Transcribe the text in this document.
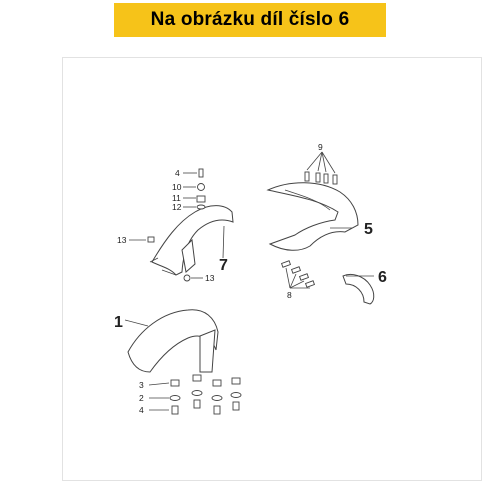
Na obrázku díl číslo 6
1
7
5
6
9
8
4
10
11
12
13
13
3
2
4
